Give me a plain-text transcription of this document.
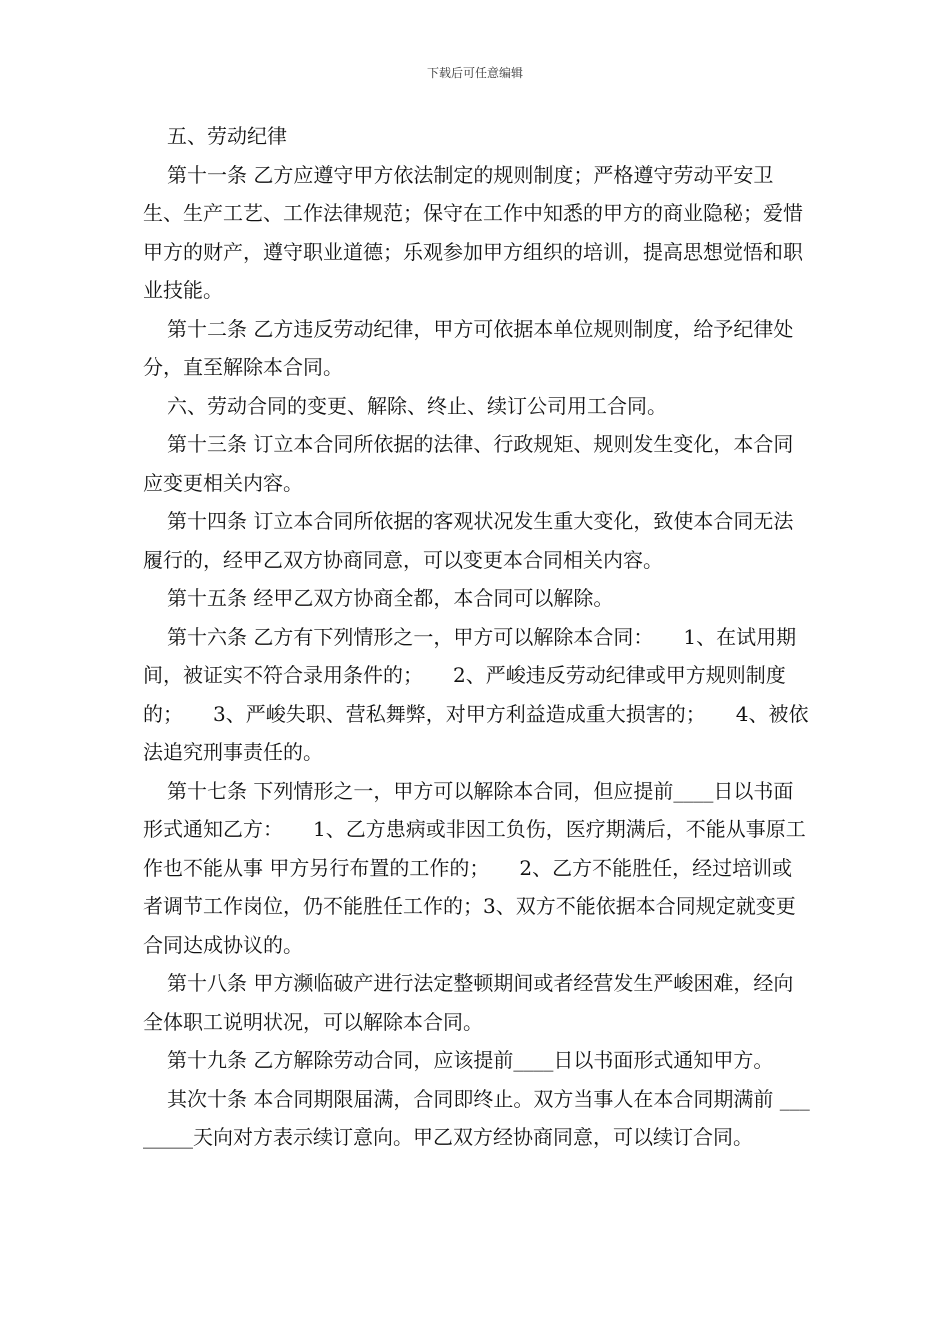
下载后可任意编辑

五、劳动纪律

第十一条 乙方应遵守甲方依法制定的规则制度；严格遵守劳动平安卫生、生产工艺、工作法律规范；保守在工作中知悉的甲方的商业隐秘；爱惜甲方的财产，遵守职业道德；乐观参加甲方组织的培训，提高思想觉悟和职业技能。

第十二条 乙方违反劳动纪律，甲方可依据本单位规则制度，给予纪律处分，直至解除本合同。

六、劳动合同的变更、解除、终止、续订公司用工合同。

第十三条 订立本合同所依据的法律、行政规矩、规则发生变化，本合同 应变更相关内容。

第十四条 订立本合同所依据的客观状况发生重大变化，致使本合同无法 履行的，经甲乙双方协商同意，可以变更本合同相关内容。

第十五条 经甲乙双方协商全都，本合同可以解除。

第十六条 乙方有下列情形之一，甲方可以解除本合同：　　1、在试用期间，被证实不符合录用条件的；　　2、严峻违反劳动纪律或甲方规则制度的；　　3、严峻失职、营私舞弊，对甲方利益造成重大损害的；　　4、被依法追究刑事责任的。

第十七条 下列情形之一，甲方可以解除本合同，但应提前____日以书面 形式通知乙方：　　1、乙方患病或非因工负伤，医疗期满后，不能从事原工作也不能从事 甲方另行布置的工作的；　　2、乙方不能胜任，经过培训或者调节工作岗位，仍不能胜任工作的；3、双方不能依据本合同规定就变更合同达成协议的。

第十八条 甲方濒临破产进行法定整顿期间或者经营发生严峻困难，经向 全体职工说明状况，可以解除本合同。

第十九条 乙方解除劳动合同，应该提前____日以书面形式通知甲方。

其次十条 本合同期限届满，合同即终止。双方当事人在本合同期满前 ________天向对方表示续订意向。甲乙双方经协商同意，可以续订合同。
